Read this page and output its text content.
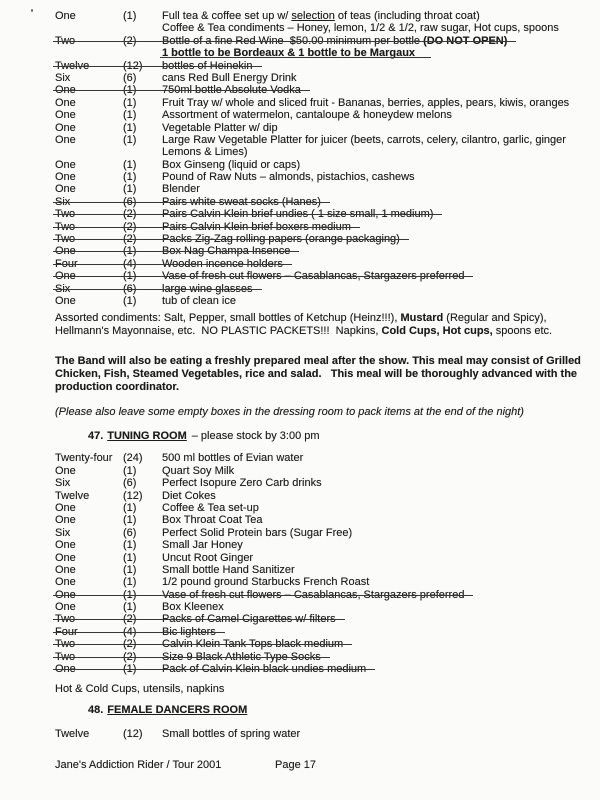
One	(1) Full tea & coffee set up w/ selection of teas (including throat coat)
Coffee & Tea condiments – Honey, lemon, 1/2 & 1/2, raw sugar, Hot cups, spoons
Two	(2) Bottle of a fine Red Wine  $50.00 minimum per bottle (DO NOT OPEN)
1 bottle to be Bordeaux & 1 bottle to be Margaux
Twelve	(12) bottles of Heinekin
Six	(6) cans Red Bull Energy Drink
One	(1) 750ml bottle Absolute Vodka
One	(1) Fruit Tray w/ whole and sliced fruit - Bananas, berries, apples, pears, kiwis, oranges
One	(1) Assortment of watermelon, cantaloupe & honeydew melons
One	(1) Vegetable Platter w/ dip
One	(1) Large Raw Vegetable Platter for juicer (beets, carrots, celery, cilantro, garlic, ginger
Lemons & Limes)
One	(1) Box Ginseng (liquid or caps)
One	(1) Pound of Raw Nuts – almonds, pistachios, cashews
One	(1) Blender
Six	(6) Pairs white sweat socks (Hanes)
Two	(2) Pairs Calvin Klein brief undies ( 1 size small, 1 medium)
Two	(2) Pairs Calvin Klein brief boxers medium
Two	(2) Packs Zig-Zag rolling papers (orange packaging)
One	(1) Box Nag Champa Insence
Four	(4) Wooden incence holders
One	(1) Vase of fresh cut flowers – Casablancas, Stargazers preferred
Six	(6) large wine glasses
One	(1) tub of clean ice
Assorted condiments: Salt, Pepper, small bottles of Ketchup (Heinz!!!), Mustard (Regular and Spicy),
Hellmann's Mayonnaise, etc.  NO PLASTIC PACKETS!!!  Napkins, Cold Cups, Hot cups, spoons etc.
The Band will also be eating a freshly prepared meal after the show. This meal may consist of Grilled
Chicken, Fish, Steamed Vegetables, rice and salad.   This meal will be thoroughly advanced with the
production coordinator.
(Please also leave some empty boxes in the dressing room to pack items at the end of the night)
47. TUNING ROOM – please stock by 3:00 pm
Twenty-four (24) 500 ml bottles of Evian water
One	(1) Quart Soy Milk
Six	(6) Perfect Isopure Zero Carb drinks
Twelve	(12) Diet Cokes
One	(1) Coffee & Tea set-up
One	(1) Box Throat Coat Tea
Six	(6) Perfect Solid Protein bars (Sugar Free)
One	(1) Small Jar Honey
One	(1) Uncut Root Ginger
One	(1) Small bottle Hand Sanitizer
One	(1) 1/2 pound ground Starbucks French Roast
One	(1) Vase of fresh cut flowers – Casablancas, Stargazers preferred
One	(1) Box Kleenex
Two	(2) Packs of Camel Cigarettes w/ filters
Four	(4) Bic lighters
Two	(2) Calvin Klein Tank Tops black medium
Two	(2) Size 9 Black Athletic Type Socks
One	(1) Pack of Calvin Klein black undies medium
Hot & Cold Cups, utensils, napkins
48. FEMALE DANCERS ROOM
Twelve	(12) Small bottles of spring water
Jane's Addiction Rider / Tour 2001	Page 17
